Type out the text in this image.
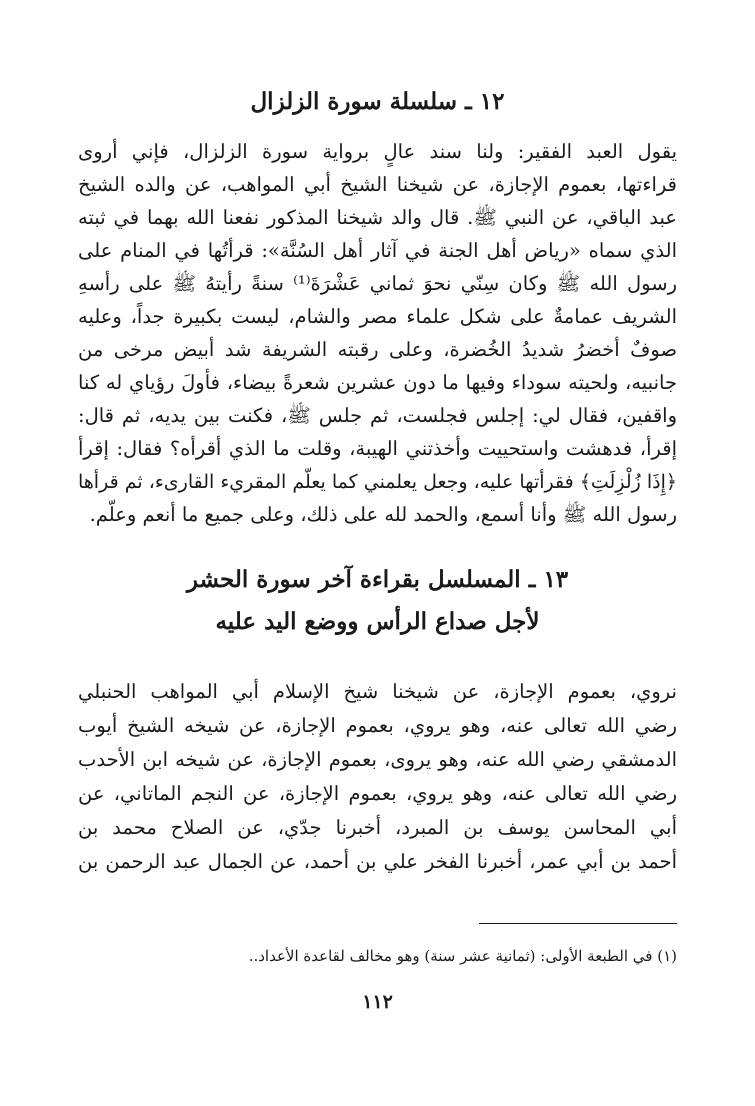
١٢ ـ سلسلة سورة الزلزال
يقول العبد الفقير: ولنا سند عالٍ برواية سورة الزلزال، فإني أروى
قراءتها، بعموم الإجازة، عن شيخنا الشيخ أبي المواهب، عن والده الشيخ
عبد الباقي، عن النبي ﷺ. قال والد شيخنا المذكور نفعنا الله بهما في ثبته
الذي سماه «رياض أهل الجنة في آثار أهل السُنَّة»: قرأتُها في المنام على
رسول الله ﷺ وكان سِنّي نحوَ ثماني عَشْرَةَ⁽¹⁾ سنةً رأيتهُ ﷺ على رأسهِ
الشريف عمامةٌ على شكل علماء مصر والشام، ليست بكبيرة جداً، وعليه
صوفٌ أخضرُ شديدُ الخُضرة، وعلى رقبته الشريفة شد أبيض مرخى من
جانبيه، ولحيته سوداء وفيها ما دون عشرين شعرةً بيضاء، فأولَ رؤياي له كنا
واقفين، فقال لي: إجلس فجلست، ثم جلس ﷺ، فكنت بين يديه، ثم قال:
إقرأ، فدهشت واستحييت وأخذتني الهيبة، وقلت ما الذي أقرأه؟ فقال: إقرأ
﴿إِذَا زُلْزِلَتِ﴾ فقرأتها عليه، وجعل يعلمني كما يعلّم المقريء القارىء، ثم قرأها
رسول الله ﷺ وأنا أسمع، والحمد لله على ذلك، وعلى جميع ما أنعم وعلّم.
١٣ ـ المسلسل بقراءة آخر سورة الحشر
لأجل صداع الرأس ووضع اليد عليه
نروي، بعموم الإجازة، عن شيخنا شيخ الإسلام أبي المواهب الحنبلي
رضي الله تعالى عنه، وهو يروي، بعموم الإجازة، عن شيخه الشيخ أيوب
الدمشقي رضي الله عنه، وهو يروى، بعموم الإجازة، عن شيخه ابن الأحدب
رضي الله تعالى عنه، وهو يروي، بعموم الإجازة، عن النجم الماتاني، عن
أبي المحاسن يوسف بن المبرد، أخبرنا جدّي، عن الصلاح محمد بن
أحمد بن أبي عمر، أخبرنا الفخر علي بن أحمد، عن الجمال عبد الرحمن بن
(١) في الطبعة الأولى: (ثمانية عشر سنة) وهو مخالف لقاعدة الأعداد..
١١٢
